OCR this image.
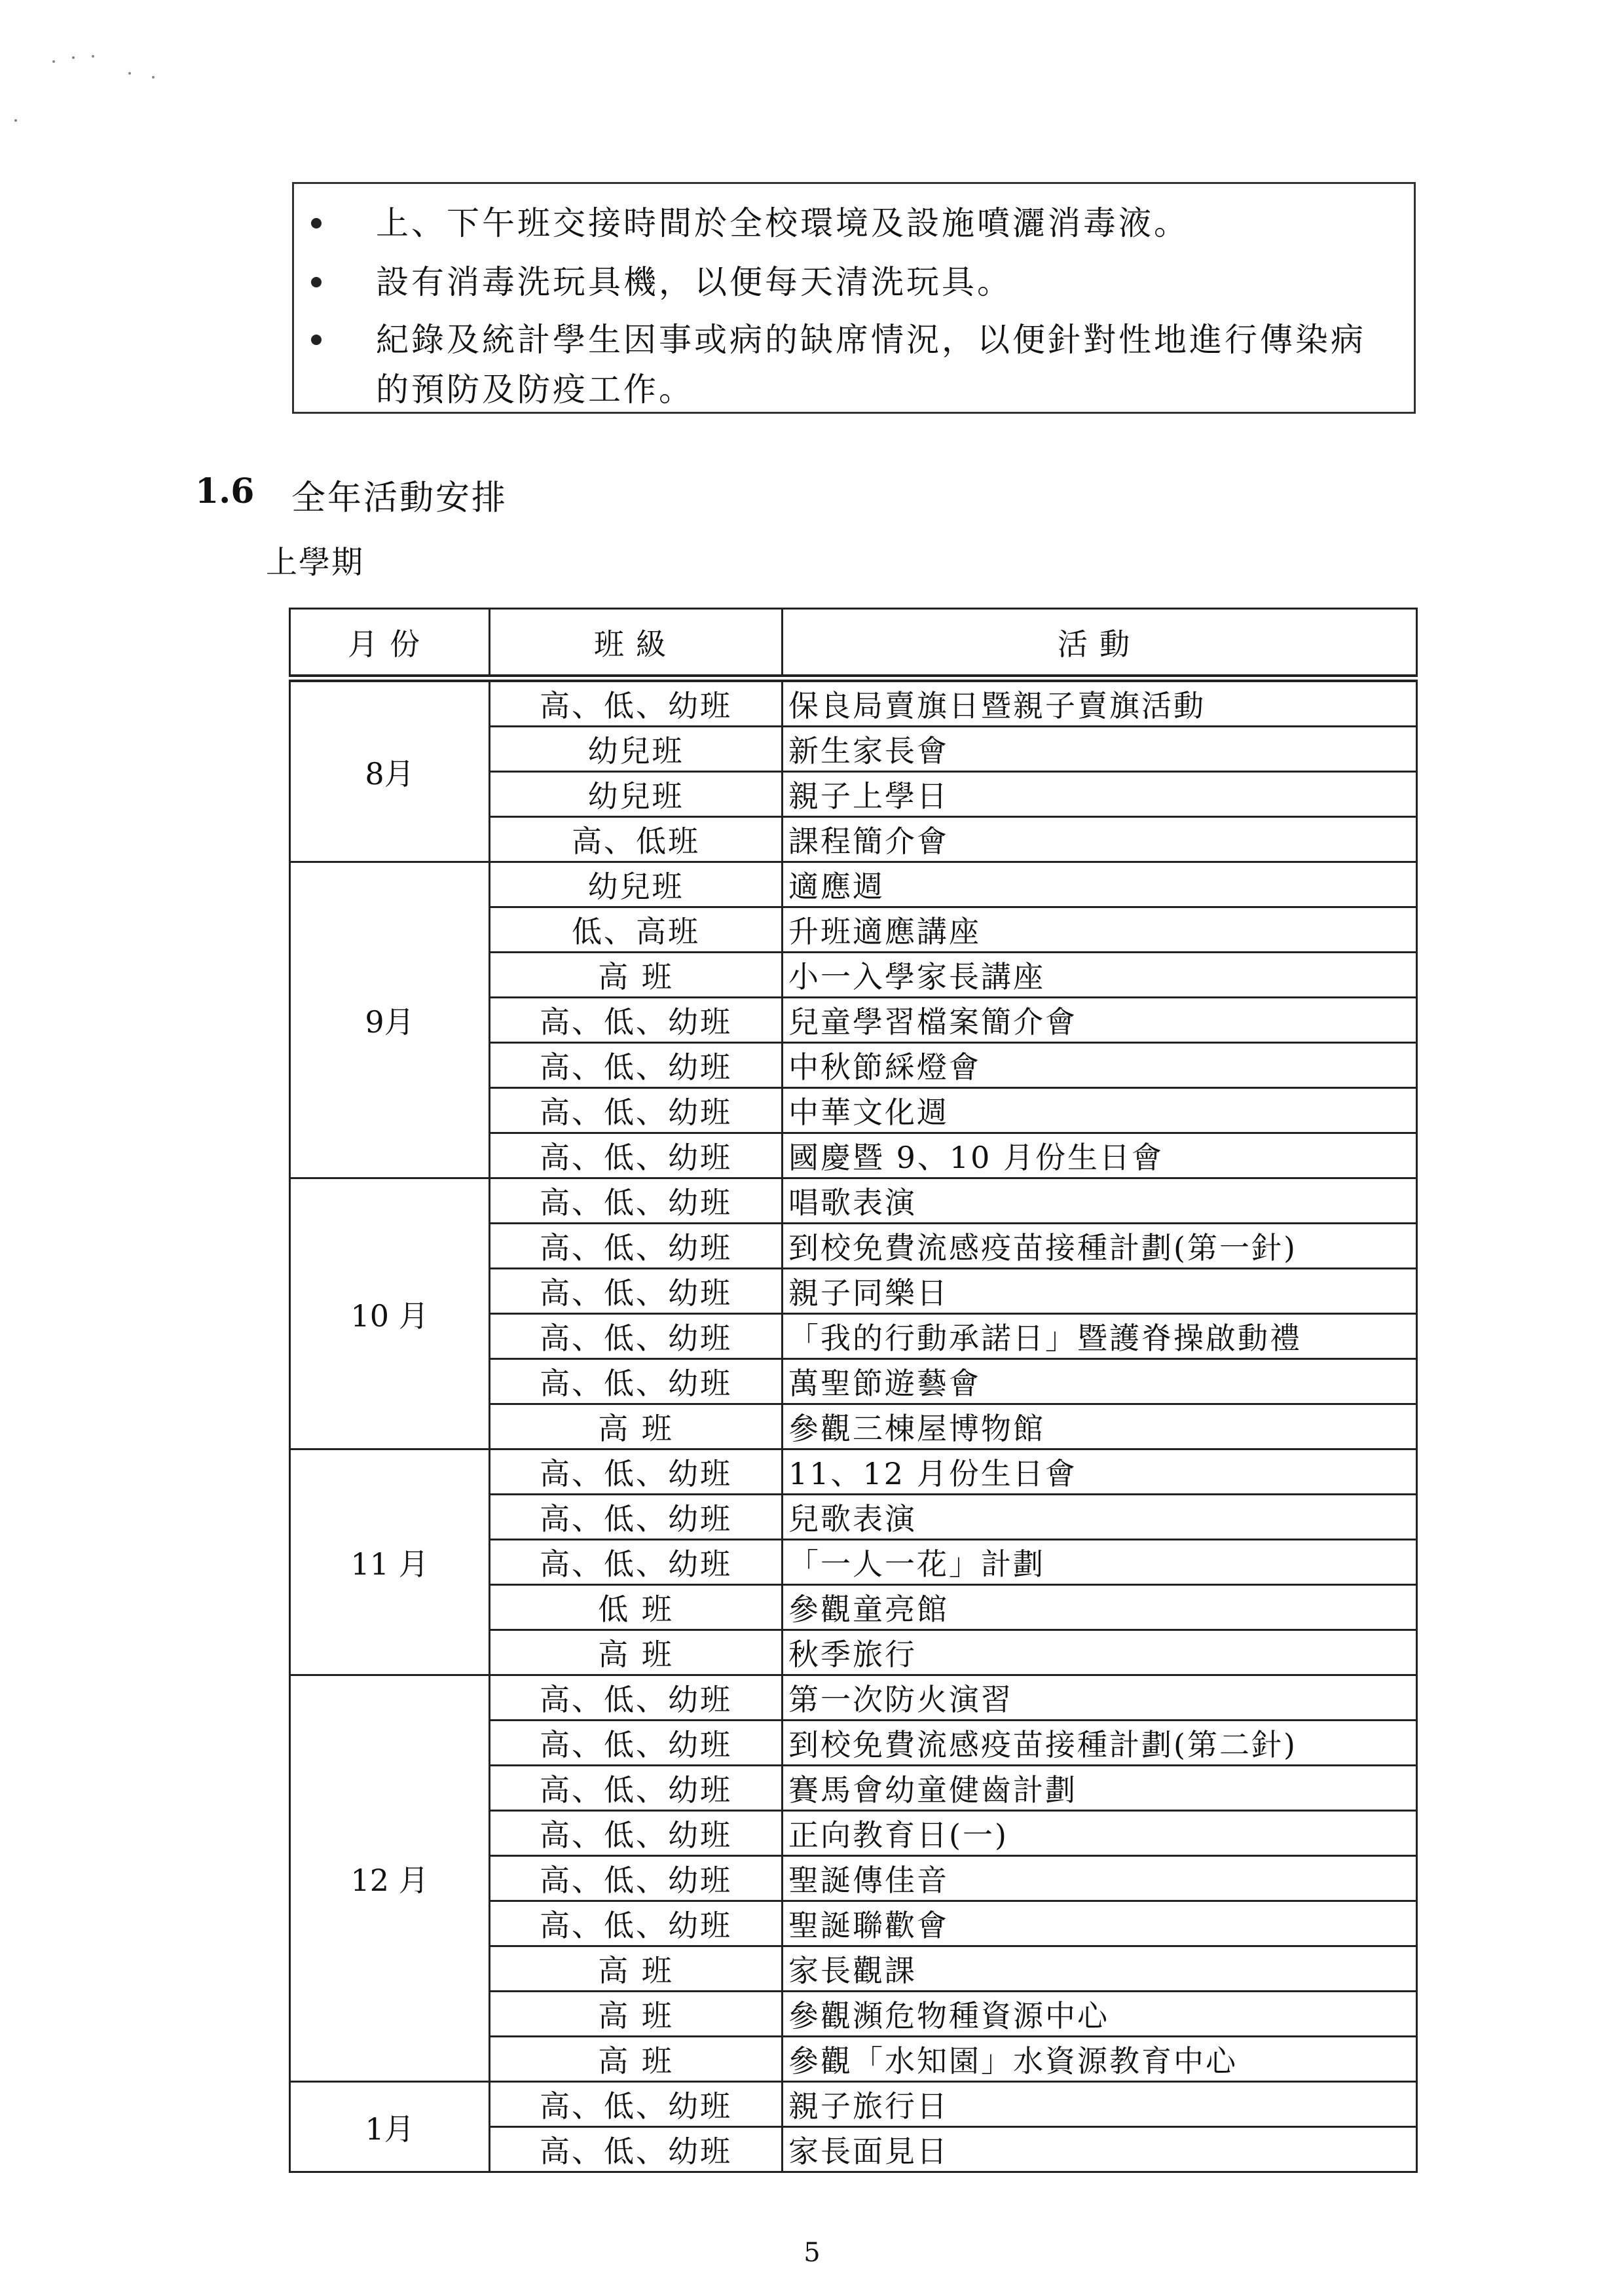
上、下午班交接時間於全校環境及設施噴灑消毒液。
設有消毒洗玩具機，以便每天清洗玩具。
紀錄及統計學生因事或病的缺席情況，以便針對性地進行傳染病的預防及防疫工作。
1.6 全年活動安排
上學期
月份	班級	活動
8月	高、低、幼班	保良局賣旗日暨親子賣旗活動
	幼兒班	新生家長會
	幼兒班	親子上學日
	高、低班	課程簡介會
9月	幼兒班	適應週
	低、高班	升班適應講座
	高 班	小一入學家長講座
	高、低、幼班	兒童學習檔案簡介會
	高、低、幼班	中秋節綵燈會
	高、低、幼班	中華文化週
	高、低、幼班	國慶暨 9、10 月份生日會
10 月	高、低、幼班	唱歌表演
	高、低、幼班	到校免費流感疫苗接種計劃(第一針)
	高、低、幼班	親子同樂日
	高、低、幼班	「我的行動承諾日」暨護脊操啟動禮
	高、低、幼班	萬聖節遊藝會
	高 班	參觀三棟屋博物館
11 月	高、低、幼班	11、12 月份生日會
	高、低、幼班	兒歌表演
	高、低、幼班	「一人一花」計劃
	低 班	參觀童亮館
	高 班	秋季旅行
12 月	高、低、幼班	第一次防火演習
	高、低、幼班	到校免費流感疫苗接種計劃(第二針)
	高、低、幼班	賽馬會幼童健齒計劃
	高、低、幼班	正向教育日(一)
	高、低、幼班	聖誕傳佳音
	高、低、幼班	聖誕聯歡會
	高 班	家長觀課
	高 班	參觀瀕危物種資源中心
	高 班	參觀「水知園」水資源教育中心
1月	高、低、幼班	親子旅行日
	高、低、幼班	家長面見日
5
